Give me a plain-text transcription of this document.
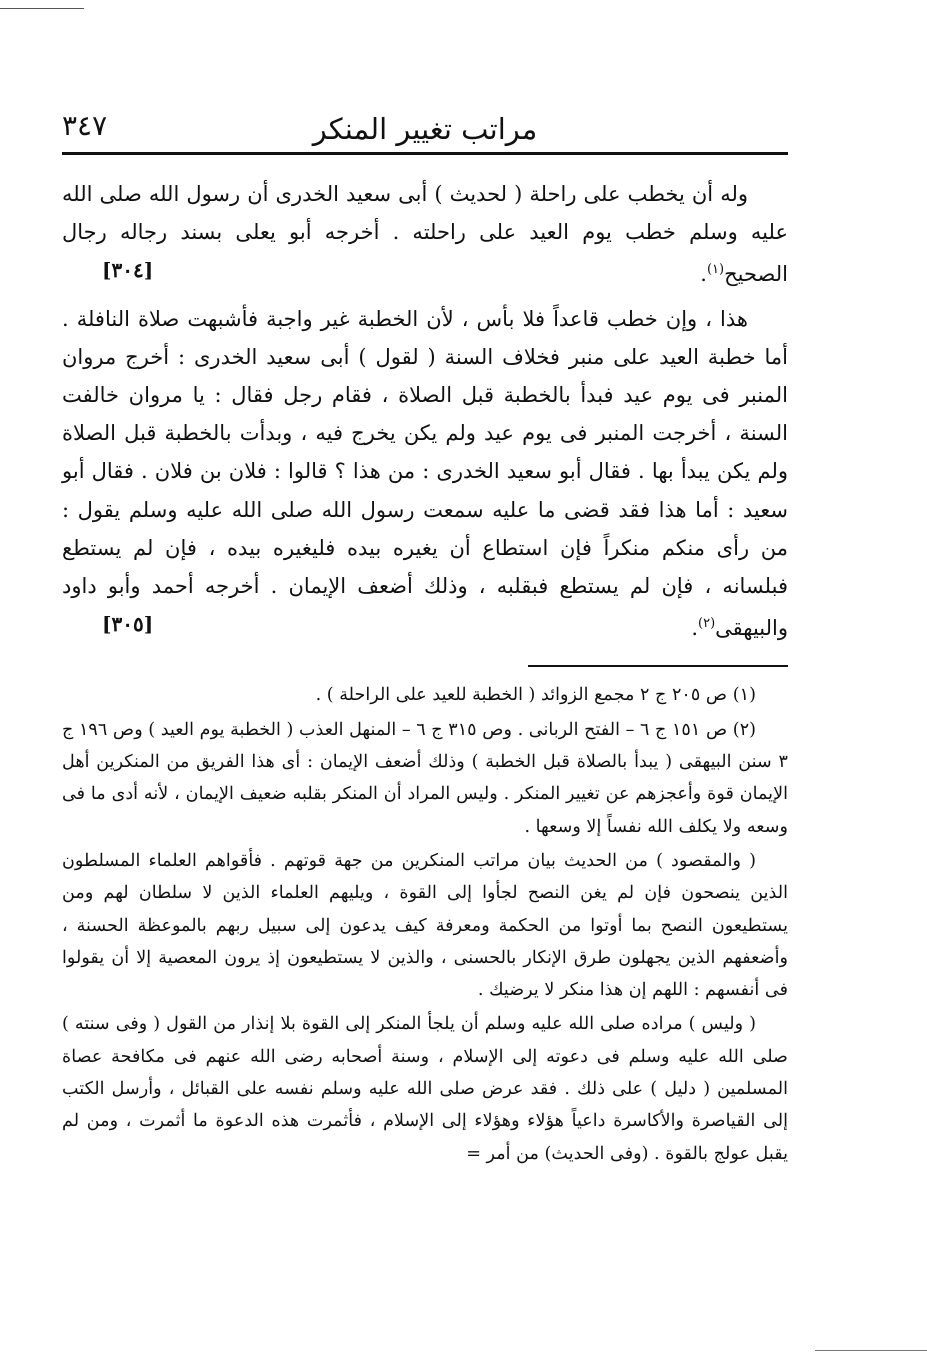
مراتب تغيير المنكر
٣٤٧

وله أن يخطب على راحلة ( لحديث ) أبى سعيد الخدرى أن رسول الله صلى الله عليه وسلم خطب يوم العيد على راحلته . أخرجه أبو يعلى بسند رجاله رجال الصحيح$^{(١)}$.
[٣٠٤]

هذا ، وإن خطب قاعداً فلا بأس ، لأن الخطبة غير واجبة فأشبهت صلاة النافلة . أما خطبة العيد على منبر فخلاف السنة ( لقول ) أبى سعيد الخدرى : أخرج مروان المنبر فى يوم عيد فبدأ بالخطبة قبل الصلاة ، فقام رجل فقال : يا مروان خالفت السنة ، أخرجت المنبر فى يوم عيد ولم يكن يخرج فيه ، وبدأت بالخطبة قبل الصلاة ولم يكن يبدأ بها . فقال أبو سعيد الخدرى : من هذا ؟ قالوا : فلان بن فلان . فقال أبو سعيد : أما هذا فقد قضى ما عليه سمعت رسول الله صلى الله عليه وسلم يقول : من رأى منكم منكراً فإن استطاع أن يغيره بيده فليغيره بيده ، فإن لم يستطع فبلسانه ، فإن لم يستطع فبقلبه ، وذلك أضعف الإيمان . أخرجه أحمد وأبو داود والبيهقى$^{(٢)}$.
[٣٠٥]

(١) ص ٢٠٥ ج ٢ مجمع الزوائد ( الخطبة للعيد على الراحلة ) .

(٢) ص ١٥١ ج ٦ – الفتح الربانى . وص ٣١٥ ج ٦ – المنهل العذب ( الخطبة يوم العيد ) وص ١٩٦ ج ٣ سنن البيهقى ( يبدأ بالصلاة قبل الخطبة ) وذلك أضعف الإيمان : أى هذا الفريق من المنكرين أهل الإيمان قوة وأعجزهم عن تغيير المنكر . وليس المراد أن المنكر بقلبه ضعيف الإيمان ، لأنه أدى ما فى وسعه ولا يكلف الله نفساً إلا وسعها .

( والمقصود ) من الحديث بيان مراتب المنكرين من جهة قوتهم . فأقواهم العلماء المسلطون الذين ينصحون فإن لم يغن النصح لجأوا إلى القوة ، ويليهم العلماء الذين لا سلطان لهم ومن يستطيعون النصح بما أوتوا من الحكمة ومعرفة كيف يدعون إلى سبيل ربهم بالموعظة الحسنة ، وأضعفهم الذين يجهلون طرق الإنكار بالحسنى ، والذين لا يستطيعون إذ يرون المعصية إلا أن يقولوا فى أنفسهم : اللهم إن هذا منكر لا يرضيك .

( وليس ) مراده صلى الله عليه وسلم أن يلجأ المنكر إلى القوة بلا إنذار من القول ( وفى سنته ) صلى الله عليه وسلم فى دعوته إلى الإسلام ، وسنة أصحابه رضى الله عنهم فى مكافحة عصاة المسلمين ( دليل ) على ذلك . فقد عرض صلى الله عليه وسلم نفسه على القبائل ، وأرسل الكتب إلى القياصرة والأكاسرة داعياً هؤلاء وهؤلاء إلى الإسلام ، فأثمرت هذه الدعوة ما أثمرت ، ومن لم يقبل عولج بالقوة . (وفى الحديث) من أمر =
